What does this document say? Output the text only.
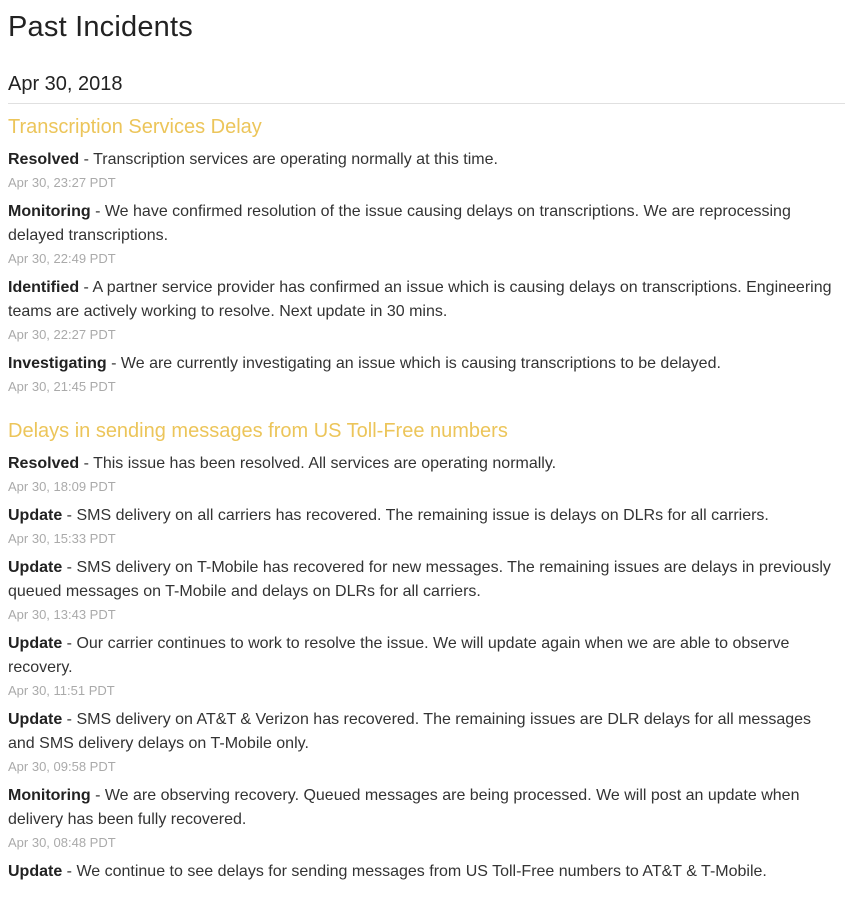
Past Incidents
Apr 30, 2018
Transcription Services Delay
Resolved - Transcription services are operating normally at this time.
Apr 30, 23:27 PDT
Monitoring - We have confirmed resolution of the issue causing delays on transcriptions. We are reprocessing delayed transcriptions.
Apr 30, 22:49 PDT
Identified - A partner service provider has confirmed an issue which is causing delays on transcriptions. Engineering teams are actively working to resolve. Next update in 30 mins.
Apr 30, 22:27 PDT
Investigating - We are currently investigating an issue which is causing transcriptions to be delayed.
Apr 30, 21:45 PDT
Delays in sending messages from US Toll-Free numbers
Resolved - This issue has been resolved. All services are operating normally.
Apr 30, 18:09 PDT
Update - SMS delivery on all carriers has recovered. The remaining issue is delays on DLRs for all carriers.
Apr 30, 15:33 PDT
Update - SMS delivery on T-Mobile has recovered for new messages. The remaining issues are delays in previously queued messages on T-Mobile and delays on DLRs for all carriers.
Apr 30, 13:43 PDT
Update - Our carrier continues to work to resolve the issue. We will update again when we are able to observe recovery.
Apr 30, 11:51 PDT
Update - SMS delivery on AT&T & Verizon has recovered. The remaining issues are DLR delays for all messages and SMS delivery delays on T-Mobile only.
Apr 30, 09:58 PDT
Monitoring - We are observing recovery. Queued messages are being processed. We will post an update when delivery has been fully recovered.
Apr 30, 08:48 PDT
Update - We continue to see delays for sending messages from US Toll-Free numbers to AT&T & T-Mobile.
